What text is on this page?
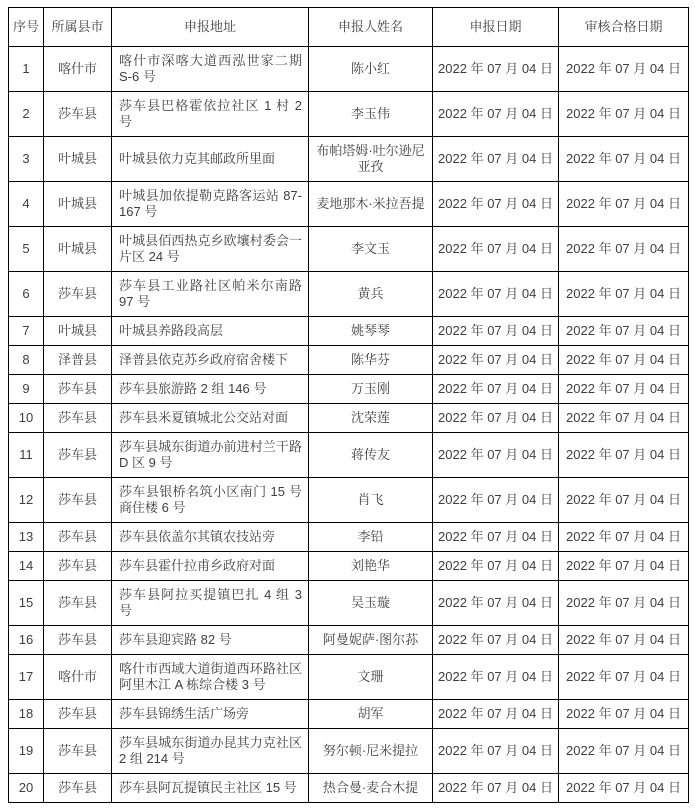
序号	所属县市	申报地址	申报人姓名	申报日期	审核合格日期
1	喀什市	喀什市深喀大道西泓世家二期 S-6 号	陈小红	2022 年 07 月 04 日	2022 年 07 月 04 日
2	莎车县	莎车县巴格霍依拉社区 1 村 2 号	李玉伟	2022 年 07 月 04 日	2022 年 07 月 04 日
3	叶城县	叶城县依力克其邮政所里面	布帕塔姆·吐尔逊尼亚孜	2022 年 07 月 04 日	2022 年 07 月 04 日
4	叶城县	叶城县加依提勒克路客运站 87-167 号	麦地那木·米拉吾提	2022 年 07 月 04 日	2022 年 07 月 04 日
5	叶城县	叶城县佰西热克乡欧壤村委会一片区 24 号	李文玉	2022 年 07 月 04 日	2022 年 07 月 04 日
6	莎车县	莎车县工业路社区帕米尔南路 97 号	黄兵	2022 年 07 月 04 日	2022 年 07 月 04 日
7	叶城县	叶城县养路段高层	姚琴琴	2022 年 07 月 04 日	2022 年 07 月 04 日
8	泽普县	泽普县依克苏乡政府宿舍楼下	陈华芬	2022 年 07 月 04 日	2022 年 07 月 04 日
9	莎车县	莎车县旅游路 2 组 146 号	万玉刚	2022 年 07 月 04 日	2022 年 07 月 04 日
10	莎车县	莎车县米夏镇城北公交站对面	沈荣莲	2022 年 07 月 04 日	2022 年 07 月 04 日
11	莎车县	莎车县城东街道办前进村兰干路 D 区 9 号	蒋传友	2022 年 07 月 04 日	2022 年 07 月 04 日
12	莎车县	莎车县银桥名筑小区南门 15 号商住楼 6 号	肖飞	2022 年 07 月 04 日	2022 年 07 月 04 日
13	莎车县	莎车县依盖尔其镇农技站旁	李铅	2022 年 07 月 04 日	2022 年 07 月 04 日
14	莎车县	莎车县霍什拉甫乡政府对面	刘艳华	2022 年 07 月 04 日	2022 年 07 月 04 日
15	莎车县	莎车县阿拉买提镇巴扎 4 组 3 号	吴玉璇	2022 年 07 月 04 日	2022 年 07 月 04 日
16	莎车县	莎车县迎宾路 82 号	阿曼妮萨·图尔荪	2022 年 07 月 04 日	2022 年 07 月 04 日
17	喀什市	喀什市西域大道街道西环路社区阿里木江 A 栋综合楼 3 号	文珊	2022 年 07 月 04 日	2022 年 07 月 04 日
18	莎车县	莎车县锦绣生活广场旁	胡军	2022 年 07 月 04 日	2022 年 07 月 04 日
19	莎车县	莎车县城东街道办昆其力克社区 2 组 214 号	努尔顿·尼米提拉	2022 年 07 月 04 日	2022 年 07 月 04 日
20	莎车县	莎车县阿瓦提镇民主社区 15 号	热合曼·麦合木提	2022 年 07 月 04 日	2022 年 07 月 04 日
